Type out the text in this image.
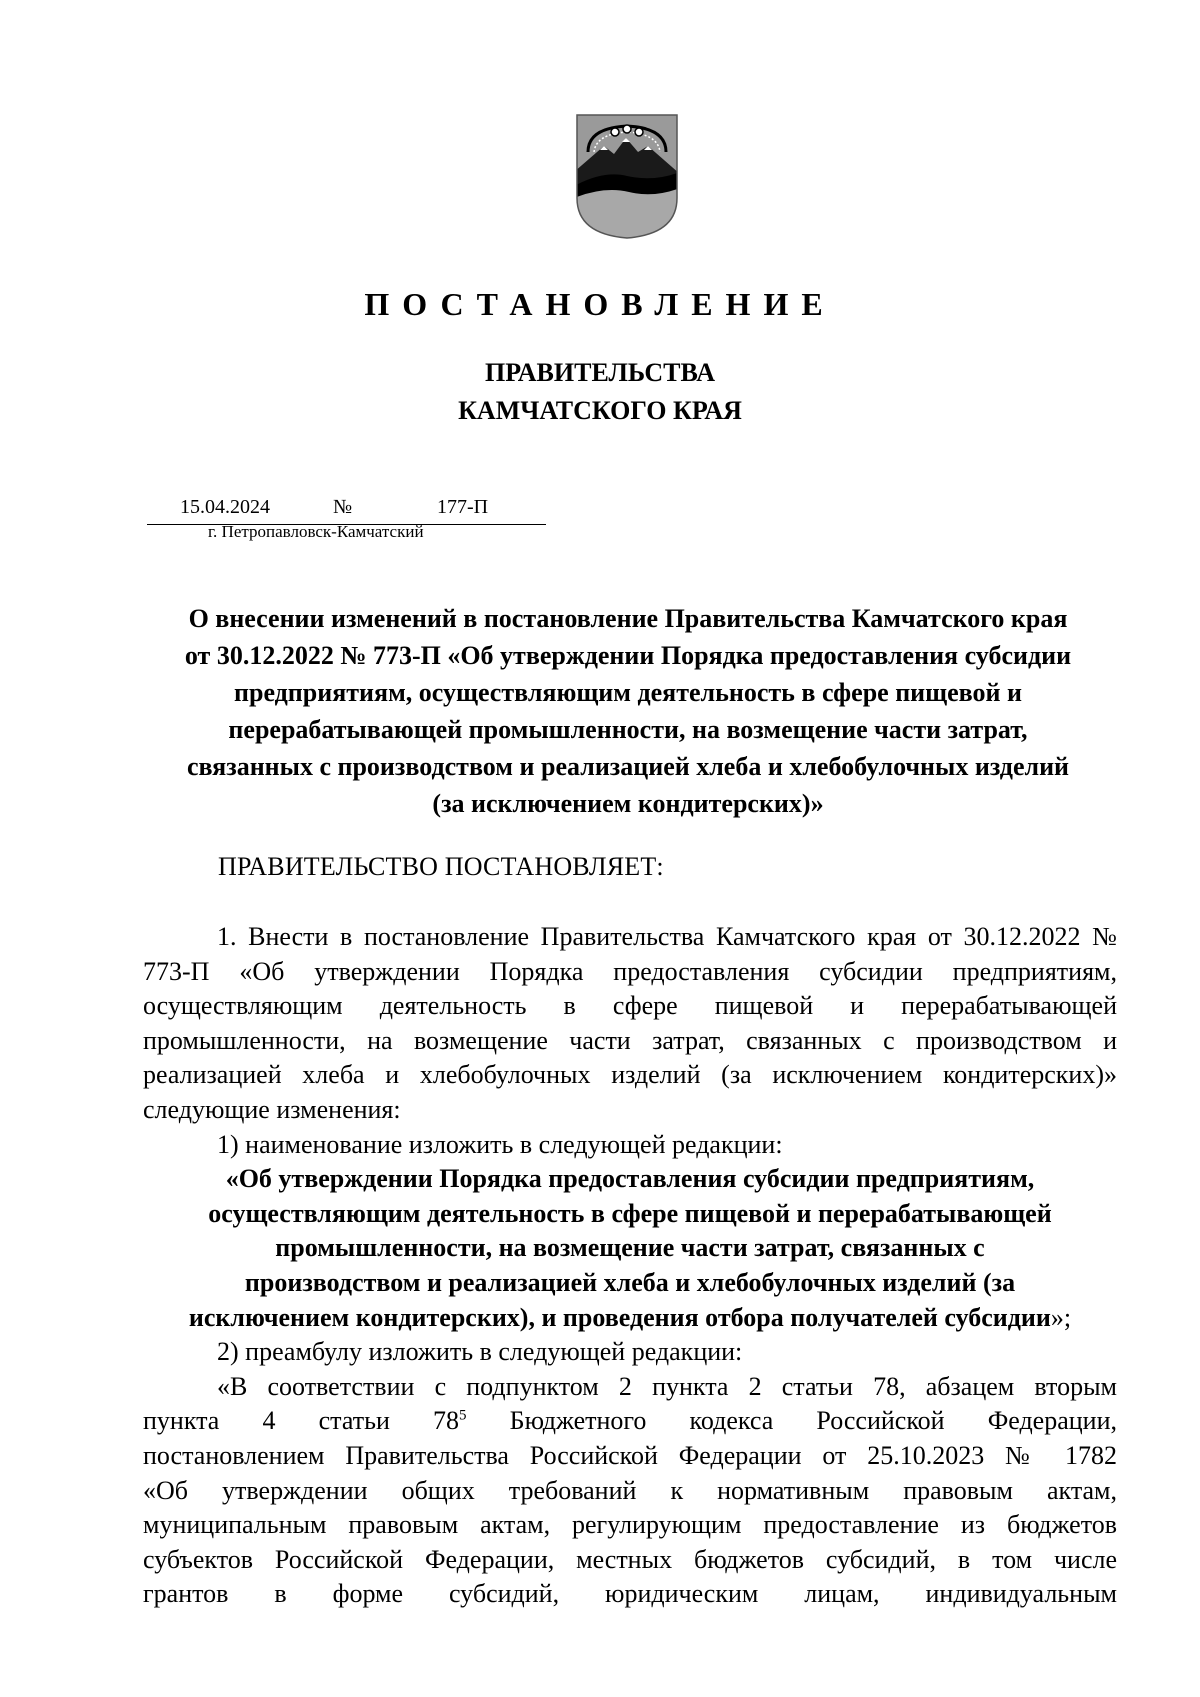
ПОСТАНОВЛЕНИЕ
ПРАВИТЕЛЬСТВА
КАМЧАТСКОГО КРАЯ
15.04.2024	№	177-П
г. Петропавловск-Камчатский
О внесении изменений в постановление Правительства Камчатского края
от 30.12.2022 № 773-П «Об утверждении Порядка предоставления субсидии
предприятиям, осуществляющим деятельность в сфере пищевой и
перерабатывающей промышленности, на возмещение части затрат,
связанных с производством и реализацией хлеба и хлебобулочных изделий
(за исключением кондитерских)»
ПРАВИТЕЛЬСТВО ПОСТАНОВЛЯЕТ:

1. Внести в постановление Правительства Камчатского края от 30.12.2022 № 773-П «Об утверждении Порядка предоставления субсидии предприятиям, осуществляющим деятельность в сфере пищевой и перерабатывающей промышленности, на возмещение части затрат, связанных с производством и реализацией хлеба и хлебобулочных изделий (за исключением кондитерских)» следующие изменения:

1) наименование изложить в следующей редакции:

«Об утверждении Порядка предоставления субсидии предприятиям,
осуществляющим деятельность в сфере пищевой и перерабатывающей
промышленности, на возмещение части затрат, связанных с
производством и реализацией хлеба и хлебобулочных изделий (за
исключением кондитерских), и проведения отбора получателей субсидии»;

2) преамбулу изложить в следующей редакции:

«В соответствии с подпунктом 2 пункта 2 статьи 78, абзацем вторым
пункта 4 статьи $78^5$ Бюджетного кодекса Российской Федерации,
постановлением Правительства Российской Федерации от 25.10.2023 № 1782
«Об утверждении общих требований к нормативным правовым актам,
муниципальным правовым актам, регулирующим предоставление из бюджетов
субъектов Российской Федерации, местных бюджетов субсидий, в том числе
грантов в форме субсидий, юридическим лицам, индивидуальным
